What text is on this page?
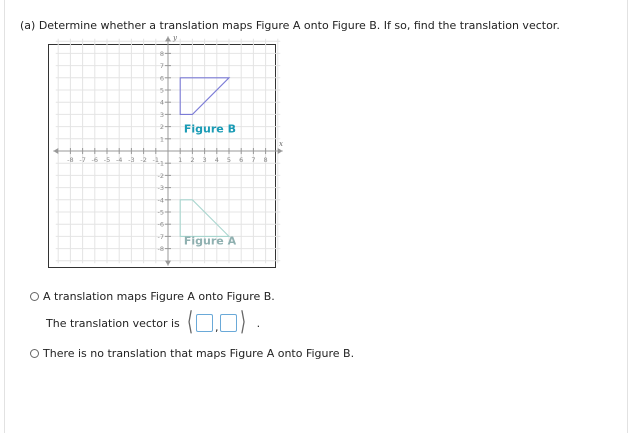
(a) Determine whether a translation maps Figure A onto Figure B. If so, find the translation vector.
-8 -7 -6 -5 -4 -3 -2 -1	1 2 3 4 5 6 7 8
8
7
6
5
4
3
2
1
-1
-2
-3
-4
-5
-6
-7
-8
x
y
Figure B
Figure A
A translation maps Figure A onto Figure B.
The translation vector is ⟨ , ⟩ .
There is no translation that maps Figure A onto Figure B.
